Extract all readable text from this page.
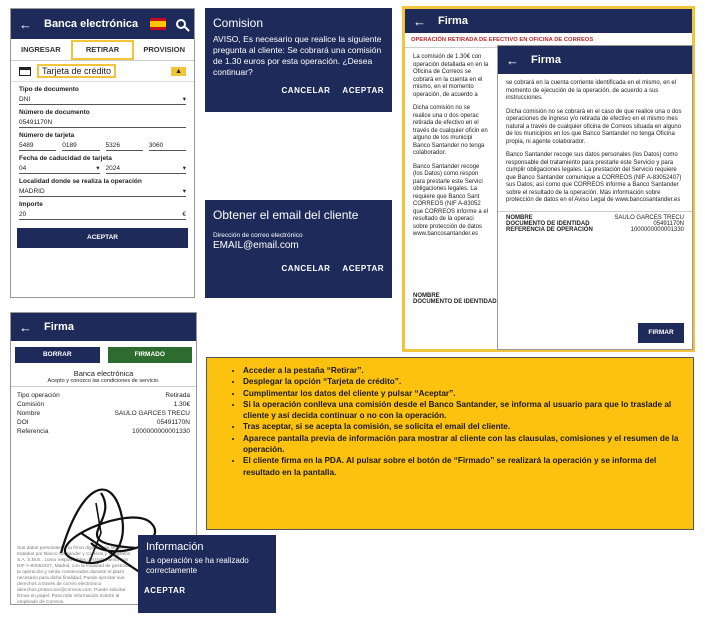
← Banca electrónica
INGRESAR	RETIRAR	PROVISION
Tarjeta de crédito	▲
Tipo de documento
DNI	▾
Número de documento
05491170N
Número de tarjeta
5489	0189	5326	3060
Fecha de caducidad de tarjeta
04	▾ 2024	▾
Localidad donde se realiza la operación
MADRID	▾
Importe
20	€
ACEPTAR
Comision
AVISO, Es necesario que realice la siguiente pregunta al cliente: Se cobrará una comisión de 1.30 euros por esta operación. ¿Desea continuar?
CANCELAR ACEPTAR
Obtener el email del cliente
Dirección de correo electrónico
EMAIL@email.com
CANCELAR ACEPTAR
← Firma
OPERACIÓN RETIRADA DE EFECTIVO EN OFICINA DE CORREOS

La comisión de 1.30€ con operación detallada en en la Oficina de Correos se cobrará en la cuenta en el mismo, en el momento operación, de acuerdo a

Dicha comisión no se realice una o dos operac retirada de efectivo en el través de cualquier oficin en alguno de los municipi Banco Santander no tenga colaborador.

Banco Santander recoge (los Datos) como respon para prestarle este Servici obligaciones legales. La requiere que Banco Sant CORREOS (NIF A-83052 que CORREOS informe a el resultado de la operaci sobre protección de datos www.bancosantander.es

NOMBRE
DOCUMENTO DE IDENTIDAD
← Firma

se cobrará en la cuenta corriente identificada en el mismo, en el momento de ejecución de la operación, de acuerdo a sus instrucciones.

Dicha comisión no se cobrará en el caso de que realice una o dos operaciones de ingreso y/o retirada de efectivo en el mismo mes natural a través de cualquier oficina de Correos situada en alguno de los municipios en los que Banco Santander no tenga Oficina propia, ni agente colaborador.

Banco Santander recoge sus datos personales (los Datos) como responsable del tratamiento para prestarle este Servicio y para cumplir obligaciones legales. La prestación del Servicio requiere que Banco Santander comunique a CORREOS (NIF A-83052407) sus Datos; así como que CORREOS informe a Banco Santander sobre el resultado de la operación. Más información sobre protección de datos en el Aviso Legal de www.bancosantander.es

NOMBRE	SAULO GARCES TRECU
DOCUMENTO DE IDENTIDAD	05491170N
REFERENCIA DE OPERACIÓN	1000000000001330
FIRMAR
← Firma
BORRAR	FIRMADO
Banca electrónica
Acepto y conozco las condiciones de servicio.
Tipo operación	Retirada
Comisión	1.30€
Nombre	SAULO GARCES TRECU
DOI	05491170N
Referencia	1000000000001330
Sus datos personales y la firma digitalizada serán tratados por Banco Santander y Correos y Telégrafos S.A. S.M.E., como responsables del tratamiento con NIF A-83052407, Madrid, con la finalidad de gestionar la operación y serán conservados durante el plazo necesario para dicha finalidad. Puede ejercitar sus derechos a través de correo electrónico derechos.proteccion@correos.com. Puede solicitar firmar en papel. Para más información solicite al empleado de Correos.
Información
La operación se ha realizado correctamente
ACEPTAR
• Acceder a la pestaña “Retirar”.
• Desplegar la opción “Tarjeta de crédito”.
• Cumplimentar los datos del cliente y pulsar “Aceptar”.
• Si la operación conlleva una comisión desde el Banco Santander, se informa al usuario para que lo traslade al cliente y así decida continuar o no con la operación.
• Tras aceptar, si se acepta la comisión, se solicita el email del cliente.
• Aparece pantalla previa de información para mostrar al cliente con las clausulas, comisiones y el resumen de la operación.
• El cliente firma en la PDA. Al pulsar sobre el botón de “Firmado” se realizará la operación y se informa del resultado en la pantalla.
